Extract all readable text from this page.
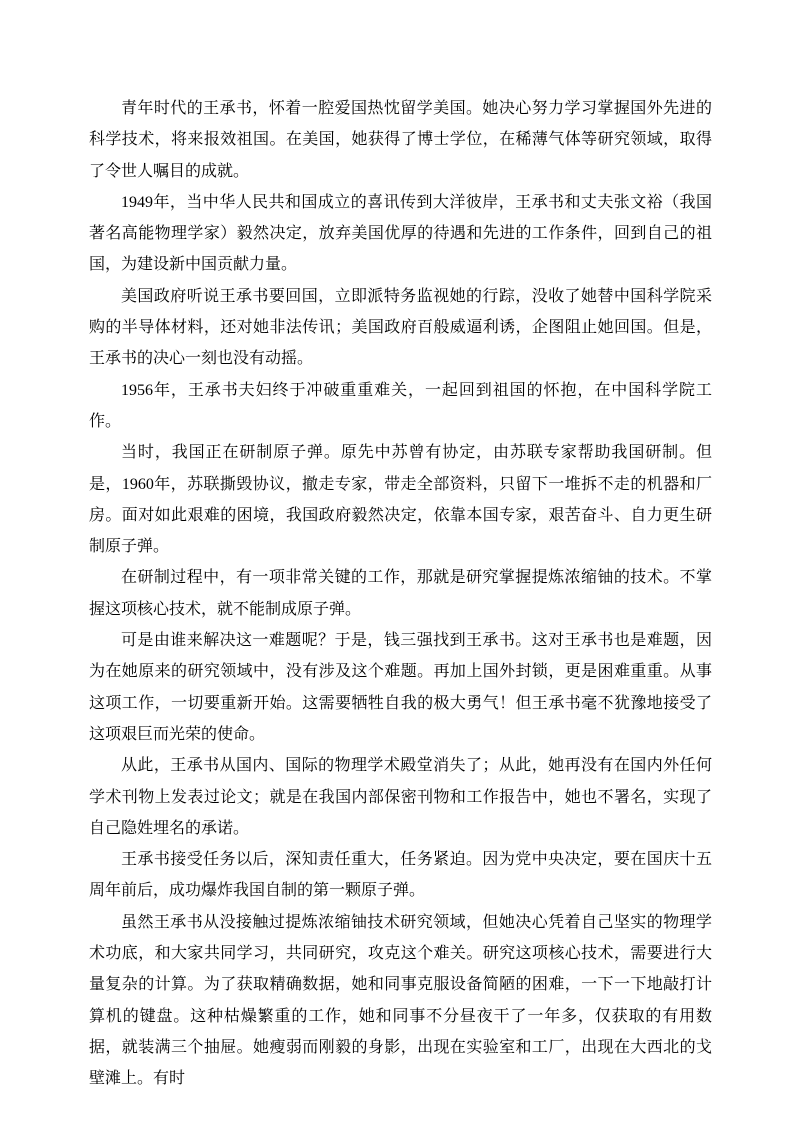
青年时代的王承书，怀着一腔爱国热忱留学美国。她决心努力学习掌握国外先进的科学技术，将来报效祖国。在美国，她获得了博士学位，在稀薄气体等研究领域，取得了令世人嘱目的成就。

1949年，当中华人民共和国成立的喜讯传到大洋彼岸，王承书和丈夫张文裕（我国著名高能物理学家）毅然决定，放弃美国优厚的待遇和先进的工作条件，回到自己的祖国，为建设新中国贡献力量。

美国政府听说王承书要回国，立即派特务监视她的行踪，没收了她替中国科学院采购的半导体材料，还对她非法传讯；美国政府百般威逼利诱，企图阻止她回国。但是，王承书的决心一刻也没有动摇。

1956年，王承书夫妇终于冲破重重难关，一起回到祖国的怀抱，在中国科学院工作。

当时，我国正在研制原子弹。原先中苏曾有协定，由苏联专家帮助我国研制。但是，1960年，苏联撕毁协议，撤走专家，带走全部资料，只留下一堆拆不走的机器和厂房。面对如此艰难的困境，我国政府毅然决定，依靠本国专家，艰苦奋斗、自力更生研制原子弹。

在研制过程中，有一项非常关键的工作，那就是研究掌握提炼浓缩铀的技术。不掌握这项核心技术，就不能制成原子弹。

可是由谁来解决这一难题呢？于是，钱三强找到王承书。这对王承书也是难题，因为在她原来的研究领域中，没有涉及这个难题。再加上国外封锁，更是困难重重。从事这项工作，一切要重新开始。这需要牺牲自我的极大勇气！但王承书毫不犹豫地接受了这项艰巨而光荣的使命。

从此，王承书从国内、国际的物理学术殿堂消失了；从此，她再没有在国内外任何学术刊物上发表过论文；就是在我国内部保密刊物和工作报告中，她也不署名，实现了自己隐姓埋名的承诺。

王承书接受任务以后，深知责任重大，任务紧迫。因为党中央决定，要在国庆十五周年前后，成功爆炸我国自制的第一颗原子弹。

虽然王承书从没接触过提炼浓缩铀技术研究领域，但她决心凭着自己坚实的物理学术功底，和大家共同学习，共同研究，攻克这个难关。研究这项核心技术，需要进行大量复杂的计算。为了获取精确数据，她和同事克服设备简陋的困难，一下一下地敲打计算机的键盘。这种枯燥繁重的工作，她和同事不分昼夜干了一年多，仅获取的有用数据，就装满三个抽屉。她瘦弱而刚毅的身影，出现在实验室和工厂，出现在大西北的戈壁滩上。有时
